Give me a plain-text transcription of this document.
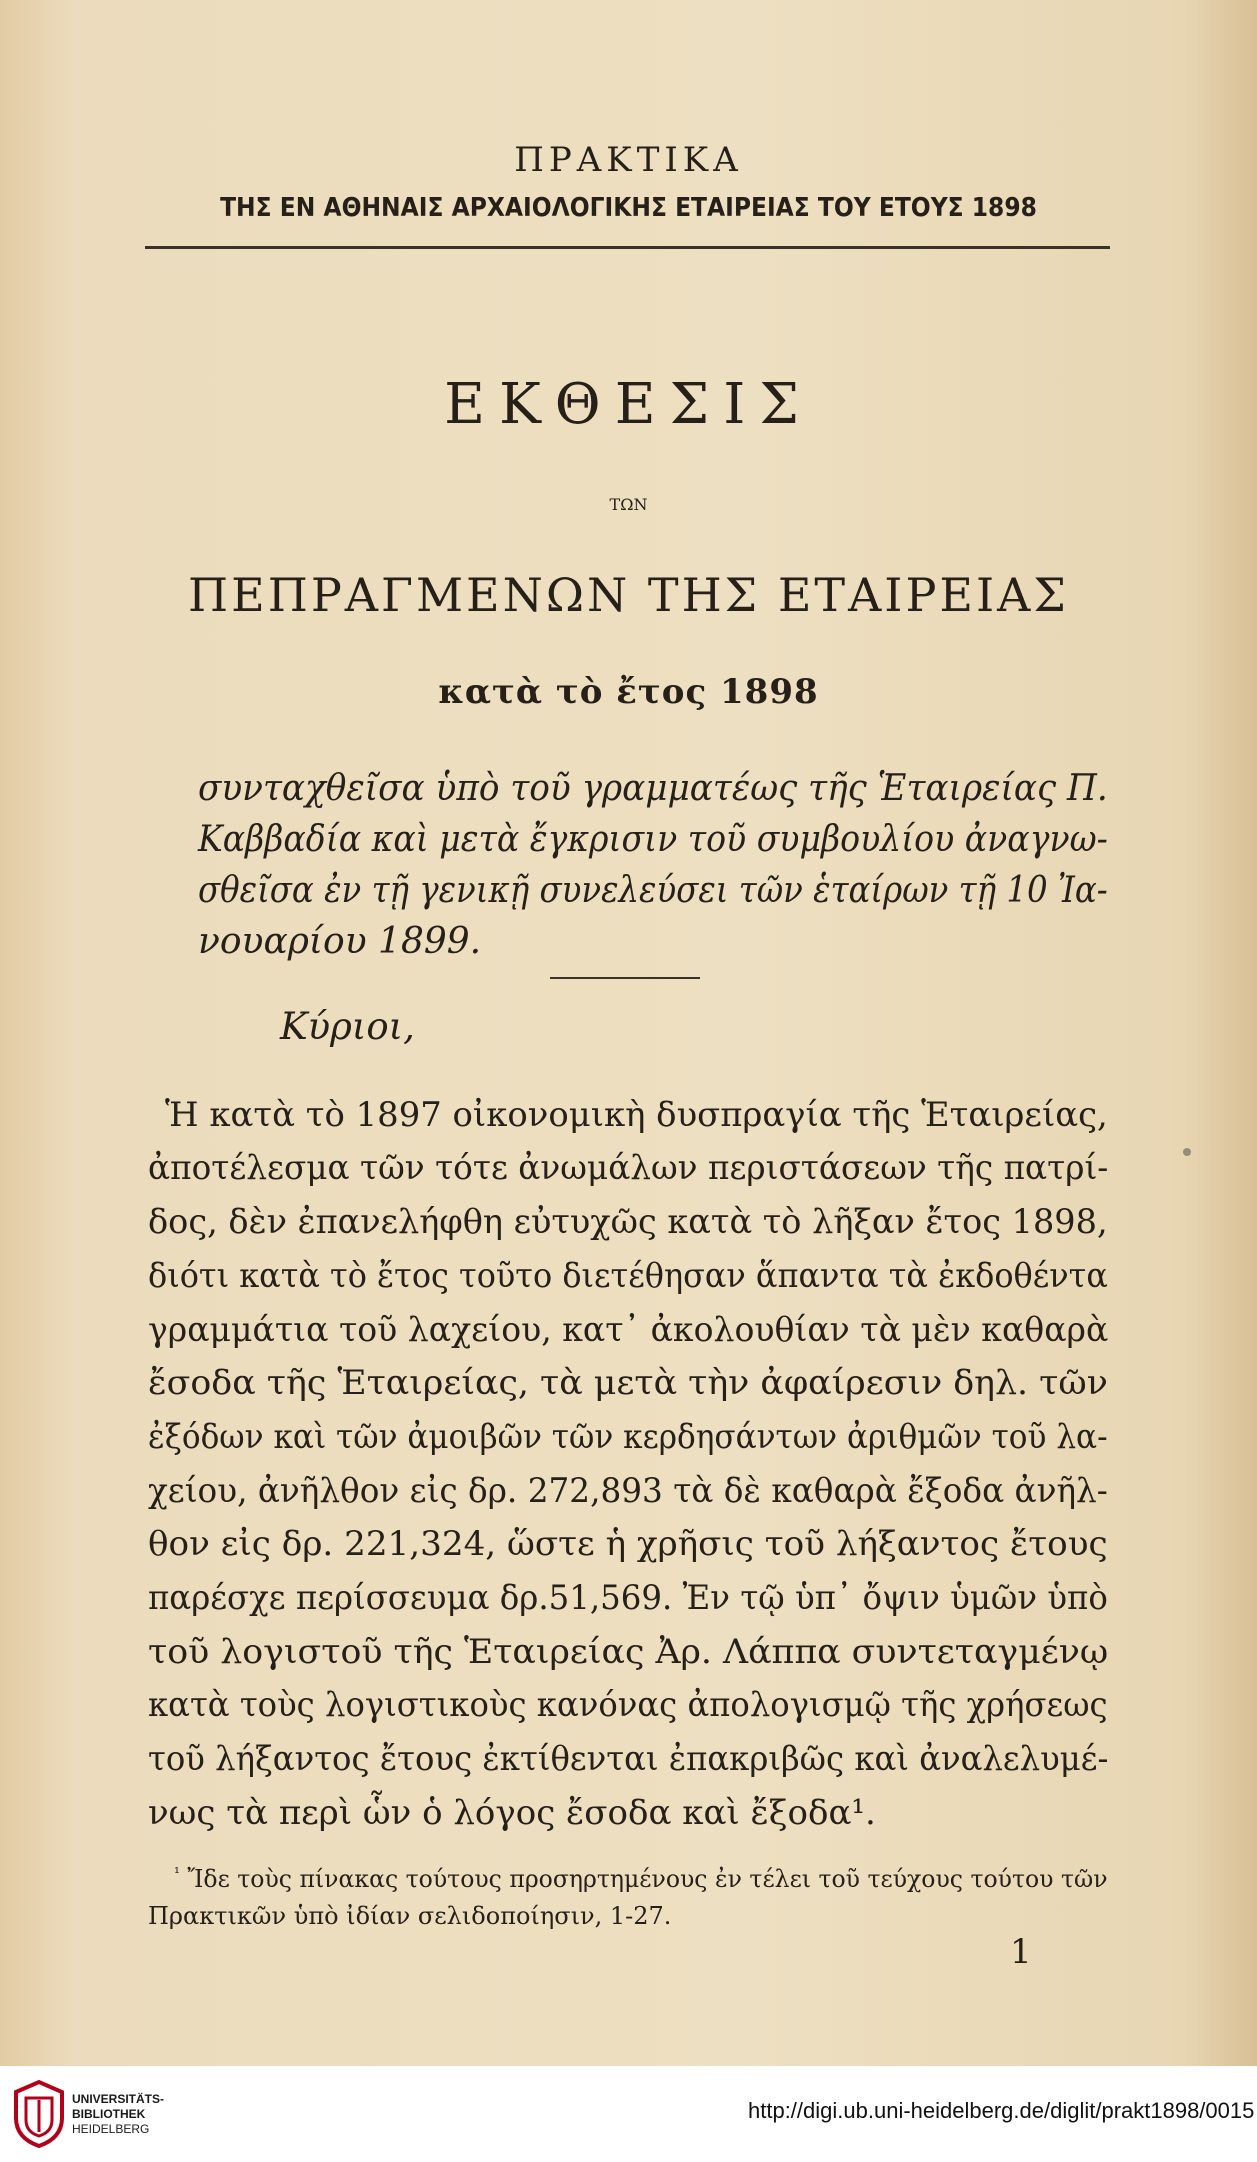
ΠΡΑΚΤΙΚΑ
ΤΗΣ ΕΝ ΑΘΗΝΑΙΣ ΑΡΧΑΙΟΛΟΓΙΚΗΣ ΕΤΑΙΡΕΙΑΣ ΤΟΥ ΕΤΟΥΣ 1898
ΕΚΘΕΣΙΣ
ΤΩΝ
ΠΕΠΡΑΓΜΕΝΩΝ ΤΗΣ ΕΤΑΙΡΕΙΑΣ
κατὰ τὸ ἔτος 1898
συνταχθεῖσα ὑπὸ τοῦ γραμματέως τῆς Ἑταιρείας Π.
Καββαδία καὶ μετὰ ἔγκρισιν τοῦ συμβουλίου ἀναγνω-
σθεῖσα ἐν τῇ γενικῇ συνελεύσει τῶν ἑταίρων τῇ 10 Ἰα-
νουαρίου 1899.
Κύριοι,
Ἡ κατὰ τὸ 1897 οἰκονομικὴ δυσπραγία τῆς Ἑταιρείας,
ἀποτέλεσμα τῶν τότε ἀνωμάλων περιστάσεων τῆς πατρί-
δος, δὲν ἐπανελήφθη εὐτυχῶς κατὰ τὸ λῆξαν ἔτος 1898,
διότι κατὰ τὸ ἔτος τοῦτο διετέθησαν ἅπαντα τὰ ἐκδοθέντα
γραμμάτια τοῦ λαχείου, κατ᾿ ἀκολουθίαν τὰ μὲν καθαρὰ
ἔσοδα τῆς Ἑταιρείας, τὰ μετὰ τὴν ἀφαίρεσιν δηλ. τῶν
ἐξόδων καὶ τῶν ἀμοιβῶν τῶν κερδησάντων ἀριθμῶν τοῦ λα-
χείου, ἀνῆλθον εἰς δρ. 272,893 τὰ δὲ καθαρὰ ἔξοδα ἀνῆλ-
θον εἰς δρ. 221,324, ὥστε ἡ χρῆσις τοῦ λήξαντος ἔτους
παρέσχε περίσσευμα δρ.51,569. Ἐν τῷ ὑπ᾿ ὄψιν ὑμῶν ὑπὸ
τοῦ λογιστοῦ τῆς Ἑταιρείας Ἀρ. Λάππα συντεταγμένῳ
κατὰ τοὺς λογιστικοὺς κανόνας ἀπολογισμῷ τῆς χρήσεως
τοῦ λήξαντος ἔτους ἐκτίθενται ἐπακριβῶς καὶ ἀναλελυμέ-
νως τὰ περὶ ὧν ὁ λόγος ἔσοδα καὶ ἔξοδα¹.
$^{^1}$ Ἴδε τοὺς πίνακας τούτους προσηρτημένους ἐν τέλει τοῦ τεύχους τούτου τῶν
Πρακτικῶν ὑπὸ ἰδίαν σελιδοποίησιν, 1-27.
1
UNIVERSITÄTS-
BIBLIOTHEK
HEIDELBERG
http://digi.ub.uni-heidelberg.de/diglit/prakt1898/0015
